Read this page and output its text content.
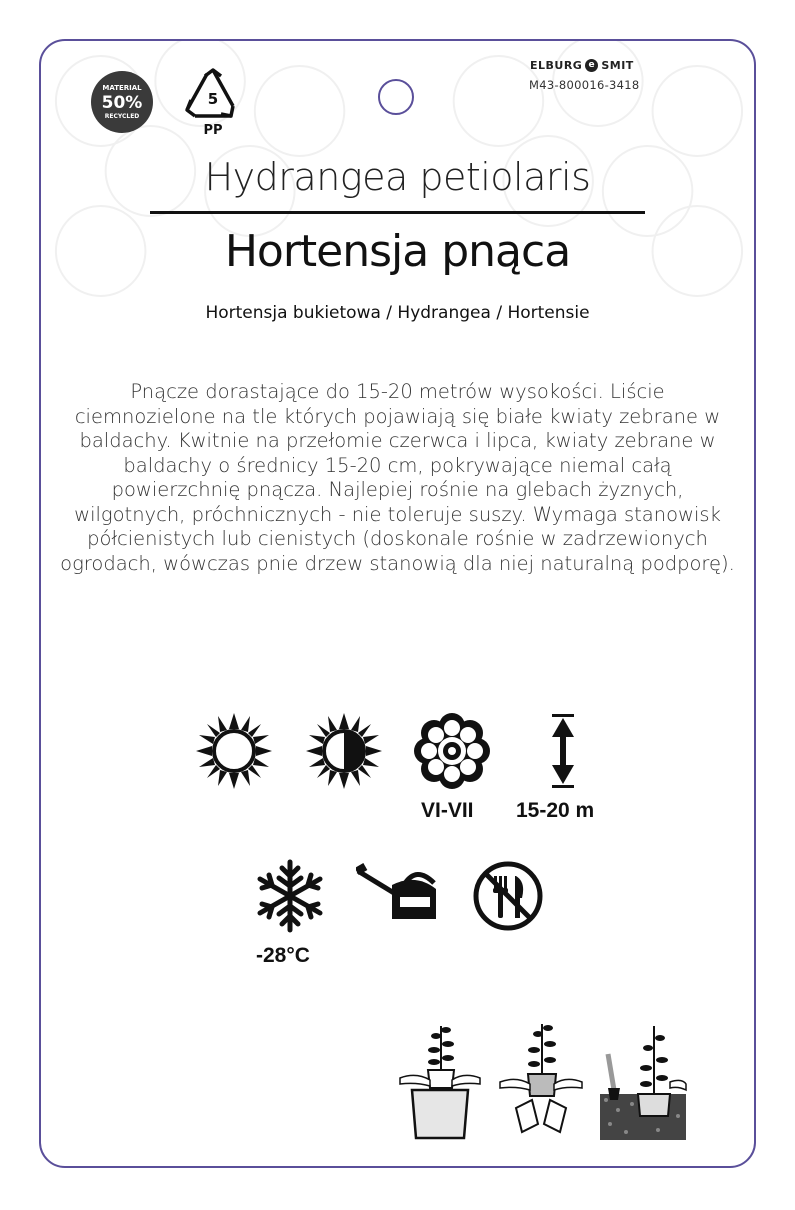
MATERIAL
50%
RECYCLED
5
PP
ELBURG e SMIT
M43-800016-3418
Hydrangea petiolaris
Hortensja pnąca
Hortensja bukietowa / Hydrangea / Hortensie
Pnącze dorastające do 15-20 metrów wysokości. Liście ciemnozielone na tle których pojawiają się białe kwiaty zebrane w baldachy. Kwitnie na przełomie czerwca i lipca, kwiaty zebrane w baldachy o średnicy 15-20 cm, pokrywające niemal całą powierzchnię pnącza. Najlepiej rośnie na glebach żyznych, wilgotnych, próchnicznych - nie toleruje suszy. Wymaga stanowisk półcienistych lub cienistych (doskonale rośnie w zadrzewionych ogrodach, wówczas pnie drzew stanowią dla niej naturalną podporę).
VI-VII 15-20 m
-28°C
